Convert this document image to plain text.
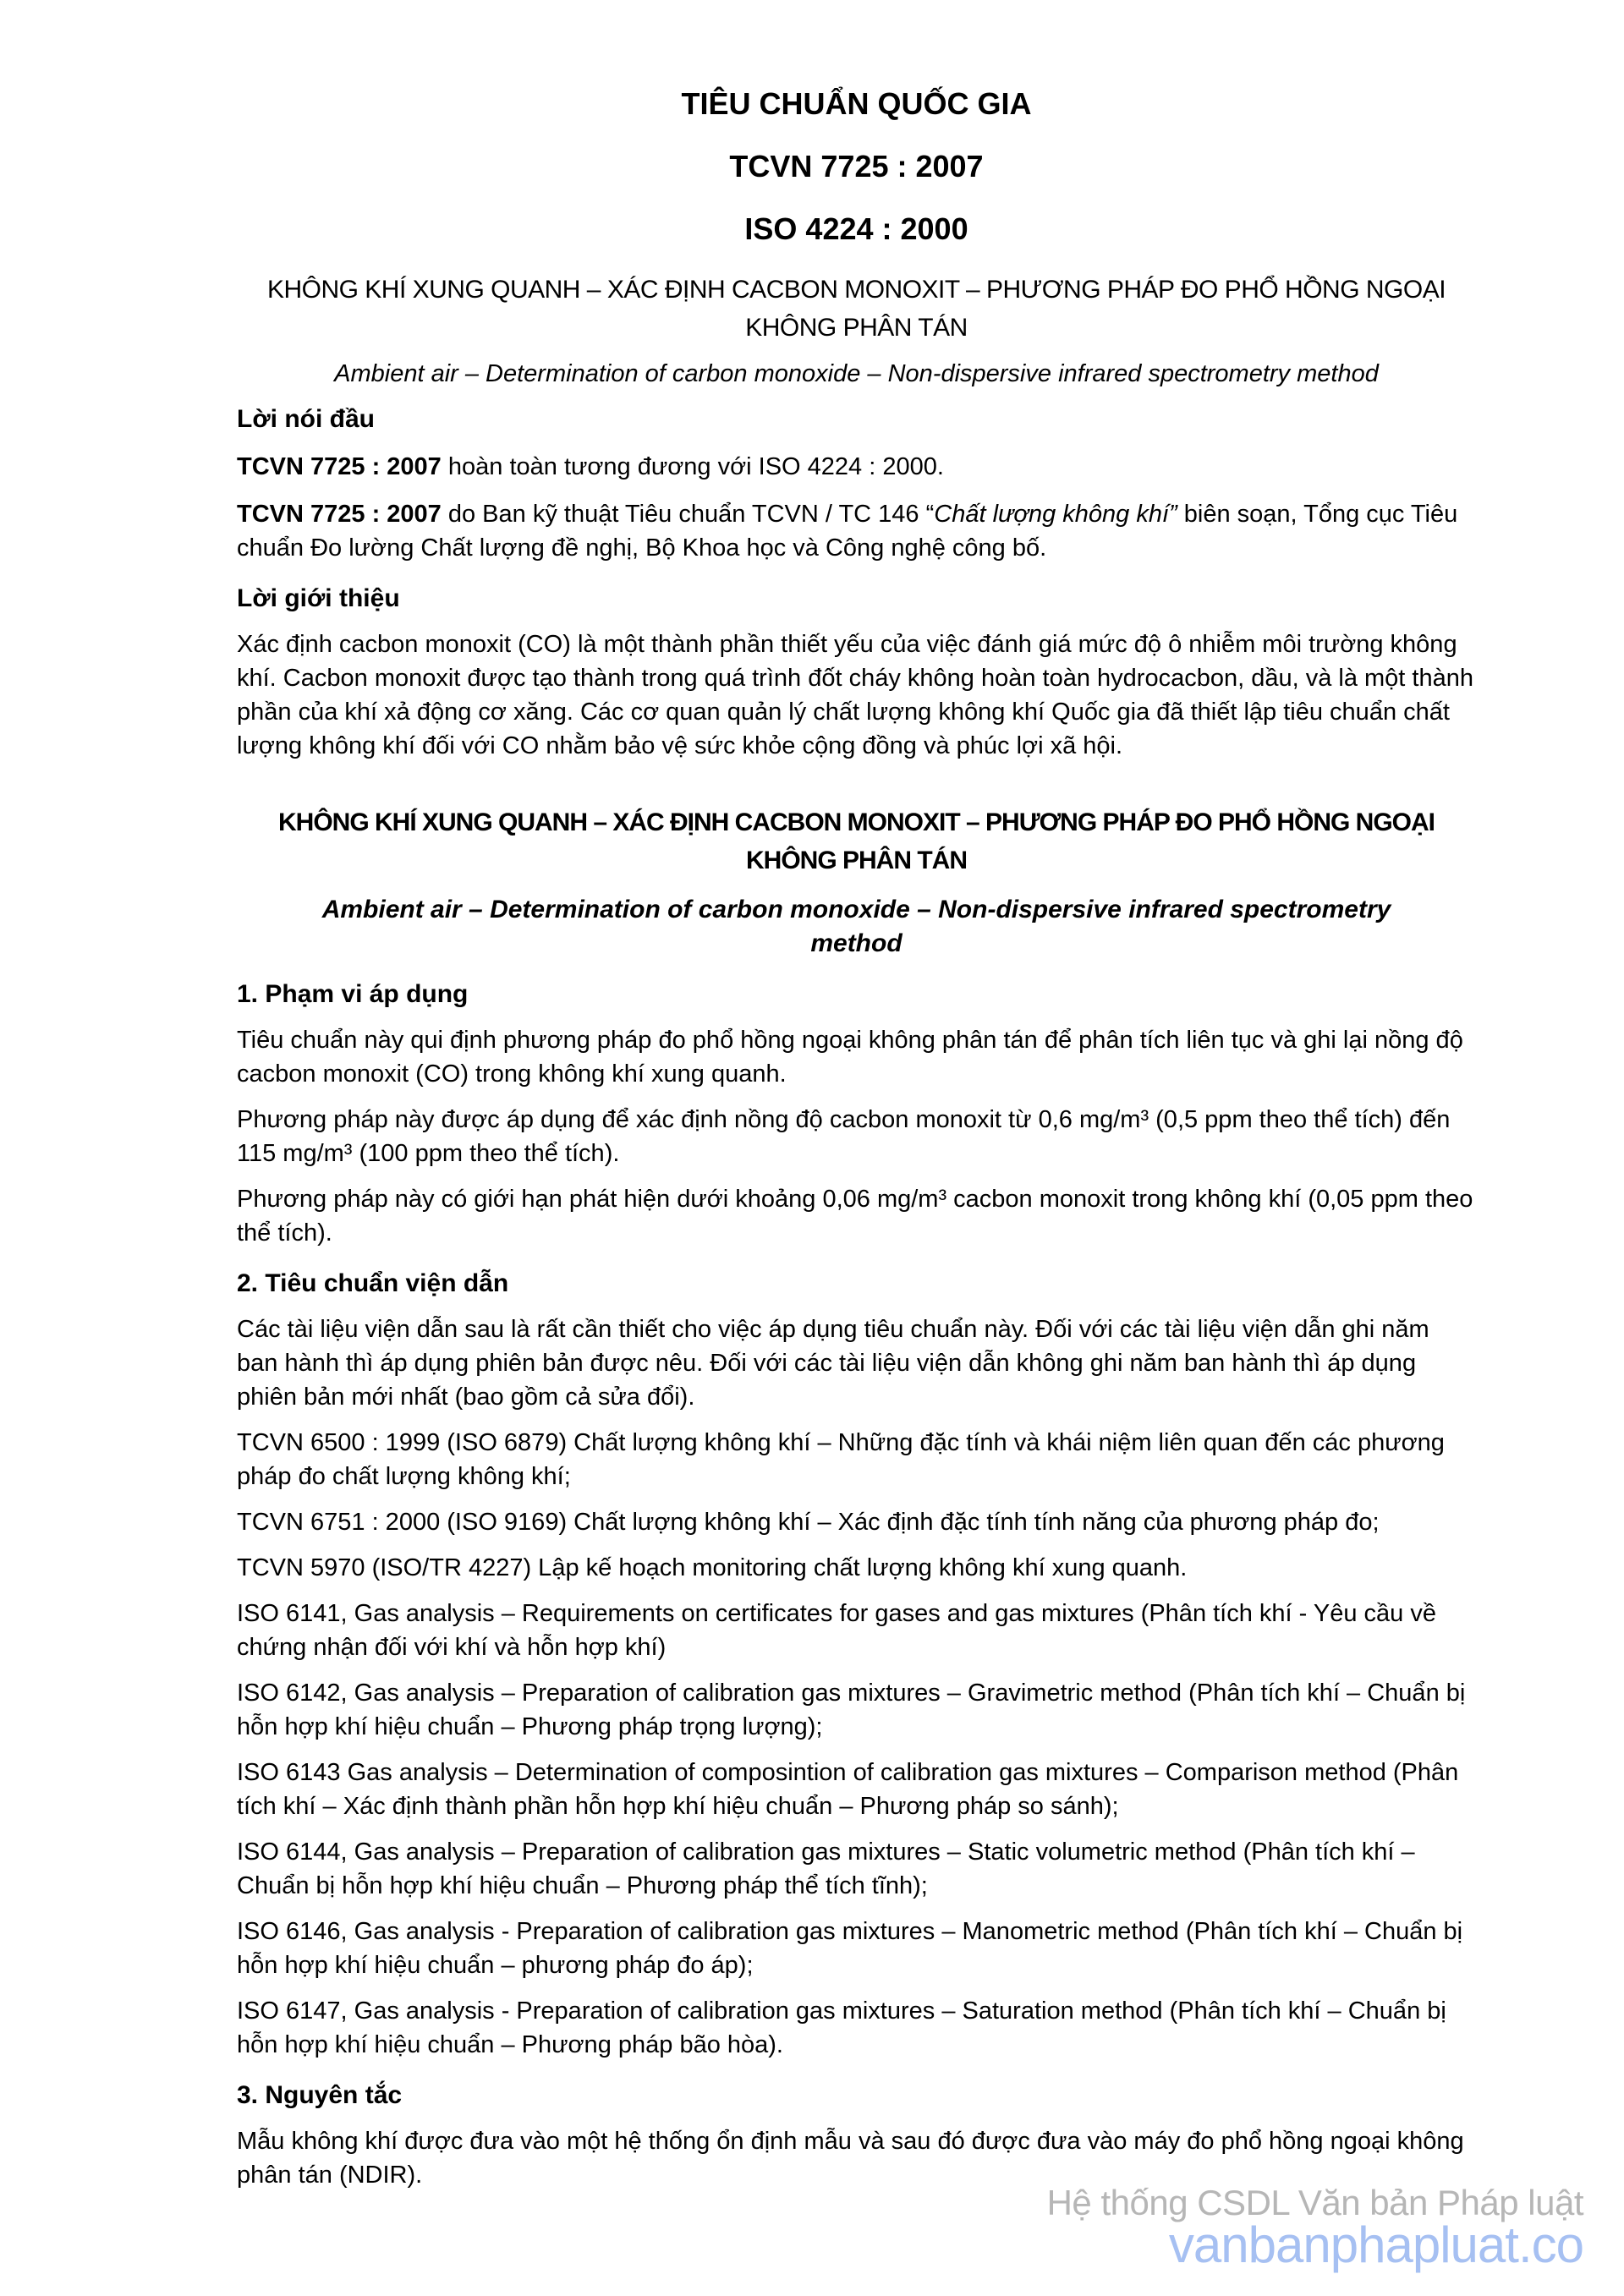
Hệ thống CSDL Văn bản Pháp luật
vanbanphapluat.co
TIÊU CHUẨN QUỐC GIA
TCVN 7725 : 2007
ISO 4224 : 2000
KHÔNG KHÍ XUNG QUANH – XÁC ĐỊNH CACBON MONOXIT – PHƯƠNG PHÁP ĐO PHỔ HỒNG NGOẠI KHÔNG PHÂN TÁN
Ambient air – Determination of carbon monoxide – Non-dispersive infrared spectrometry method
Lời nói đầu

TCVN 7725 : 2007 hoàn toàn tương đương với ISO 4224 : 2000.

TCVN 7725 : 2007 do Ban kỹ thuật Tiêu chuẩn TCVN / TC 146 “Chất lượng không khí” biên soạn, Tổng cục Tiêu chuẩn Đo lường Chất lượng đề nghị, Bộ Khoa học và Công nghệ công bố.

Lời giới thiệu

Xác định cacbon monoxit (CO) là một thành phần thiết yếu của việc đánh giá mức độ ô nhiễm môi trường không khí. Cacbon monoxit được tạo thành trong quá trình đốt cháy không hoàn toàn hydrocacbon, dầu, và là một thành phần của khí xả động cơ xăng. Các cơ quan quản lý chất lượng không khí Quốc gia đã thiết lập tiêu chuẩn chất lượng không khí đối với CO nhằm bảo vệ sức khỏe cộng đồng và phúc lợi xã hội.

KHÔNG KHÍ XUNG QUANH – XÁC ĐỊNH CACBON MONOXIT – PHƯƠNG PHÁP ĐO PHỔ HỒNG NGOẠI KHÔNG PHÂN TÁN
Ambient air – Determination of carbon monoxide – Non-dispersive infrared spectrometry method
1. Phạm vi áp dụng

Tiêu chuẩn này qui định phương pháp đo phổ hồng ngoại không phân tán để phân tích liên tục và ghi lại nồng độ cacbon monoxit (CO) trong không khí xung quanh.

Phương pháp này được áp dụng để xác định nồng độ cacbon monoxit từ 0,6 mg/m³ (0,5 ppm theo thể tích) đến 115 mg/m³ (100 ppm theo thể tích).

Phương pháp này có giới hạn phát hiện dưới khoảng 0,06 mg/m³ cacbon monoxit trong không khí (0,05 ppm theo thể tích).

2. Tiêu chuẩn viện dẫn

Các tài liệu viện dẫn sau là rất cần thiết cho việc áp dụng tiêu chuẩn này. Đối với các tài liệu viện dẫn ghi năm ban hành thì áp dụng phiên bản được nêu. Đối với các tài liệu viện dẫn không ghi năm ban hành thì áp dụng phiên bản mới nhất (bao gồm cả sửa đổi).

TCVN 6500 : 1999 (ISO 6879) Chất lượng không khí – Những đặc tính và khái niệm liên quan đến các phương pháp đo chất lượng không khí;

TCVN 6751 : 2000 (ISO 9169) Chất lượng không khí – Xác định đặc tính tính năng của phương pháp đo;

TCVN 5970 (ISO/TR 4227) Lập kế hoạch monitoring chất lượng không khí xung quanh.

ISO 6141, Gas analysis – Requirements on certificates for gases and gas mixtures (Phân tích khí - Yêu cầu về chứng nhận đối với khí và hỗn hợp khí)

ISO 6142, Gas analysis – Preparation of calibration gas mixtures – Gravimetric method (Phân tích khí – Chuẩn bị hỗn hợp khí hiệu chuẩn – Phương pháp trọng lượng);

ISO 6143 Gas analysis – Determination of composintion of calibration gas mixtures – Comparison method (Phân tích khí – Xác định thành phần hỗn hợp khí hiệu chuẩn – Phương pháp so sánh);

ISO 6144, Gas analysis – Preparation of calibration gas mixtures – Static volumetric method (Phân tích khí – Chuẩn bị hỗn hợp khí hiệu chuẩn – Phương pháp thể tích tĩnh);

ISO 6146, Gas analysis - Preparation of calibration gas mixtures – Manometric method (Phân tích khí – Chuẩn bị hỗn hợp khí hiệu chuẩn – phương pháp đo áp);

ISO 6147, Gas analysis - Preparation of calibration gas mixtures – Saturation method (Phân tích khí – Chuẩn bị hỗn hợp khí hiệu chuẩn – Phương pháp bão hòa).

3. Nguyên tắc

Mẫu không khí được đưa vào một hệ thống ổn định mẫu và sau đó được đưa vào máy đo phổ hồng ngoại không phân tán (NDIR).
